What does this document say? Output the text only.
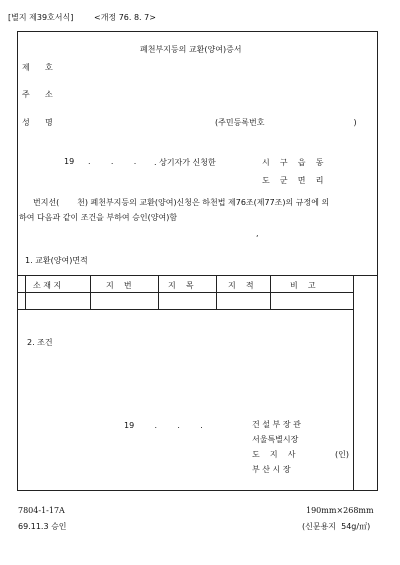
[별지 제39호서식]	<개정 76. 8. 7>
폐천부지등의 교환(양여)증서
제      호
주      소
성      명	(주민등록번호                                   )
19 .        .        . . 상기자가 신청한	시    구    읍    동
도    군    면    리
번지선(       천) 폐천부지등의 교환(양여)신청은 하천법 제76조(제77조)의 규정에 의
하여 다음과 같이 조건을 부하여 승인(양여)함
,
1. 교환(양여)면적
소 재 지	지    번	지    목	지    적	비    고
2. 조건
19        .        .        .	건 설 부 장 관
서울특별시장
도    지    사
부 산 시 장
(인)
7804-1-17A
69.11.3 승인
190mm×268mm
(신문용지  54g/㎡)
